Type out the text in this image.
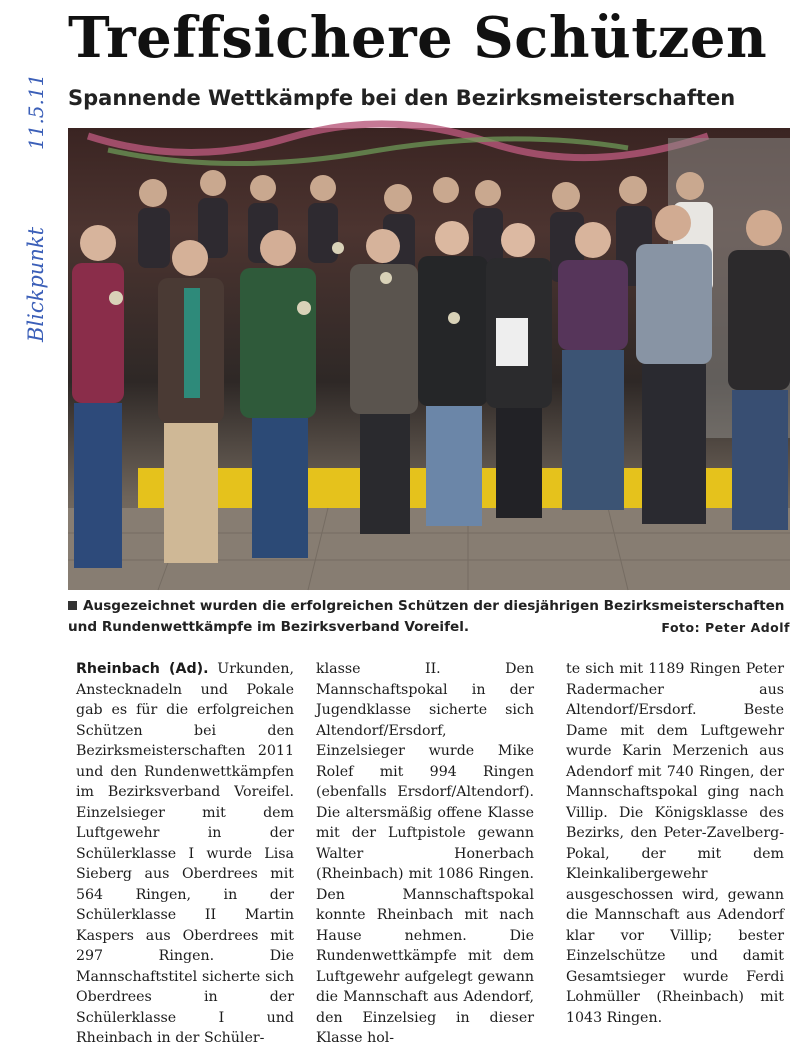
11.5.11
Blickpunkt
Treffsichere Schützen
Spannende Wettkämpfe bei den Bezirksmeisterschaften
Ausgezeichnet wurden die erfolgreichen Schützen der diesjährigen Bezirksmeisterschaften und Rundenwettkämpfe im Bezirksverband Voreifel.	Foto: Peter Adolf
Rheinbach (Ad). Urkunden, Anstecknadeln und Pokale gab es für die erfolgreichen Schützen bei den Bezirksmeisterschaften 2011 und den Rundenwettkämpfen im Bezirksverband Voreifel. Einzelsieger mit dem Luftgewehr in der Schülerklasse I wurde Lisa Sieberg aus Oberdrees mit 564 Ringen, in der Schülerklasse II Martin Kaspers aus Oberdrees mit 297 Ringen. Die Mannschaftstitel sicherte sich Oberdrees in der Schülerklasse I und Rheinbach in der Schüler-
klasse II. Den Mannschaftspokal in der Jugendklasse sicherte sich Altendorf/Ersdorf, Einzelsieger wurde Mike Rolef mit 994 Ringen (ebenfalls Ersdorf/Altendorf). Die altersmäßig offene Klasse mit der Luftpistole gewann Walter Honerbach (Rheinbach) mit 1086 Ringen. Den Mannschaftspokal konnte Rheinbach mit nach Hause nehmen. Die Rundenwettkämpfe mit dem Luftgewehr aufgelegt gewann die Mannschaft aus Adendorf, den Einzelsieg in dieser Klasse hol-
te sich mit 1189 Ringen Peter Radermacher aus Altendorf/Ersdorf. Beste Dame mit dem Luftgewehr wurde Karin Merzenich aus Adendorf mit 740 Ringen, der Mannschaftspokal ging nach Villip. Die Königsklasse des Bezirks, den Peter-Zavelberg-Pokal, der mit dem Kleinkalibergewehr ausgeschossen wird, gewann die Mannschaft aus Adendorf klar vor Villip; bester Einzelschütze und damit Gesamtsieger wurde Ferdi Lohmüller (Rheinbach) mit 1043 Ringen.
